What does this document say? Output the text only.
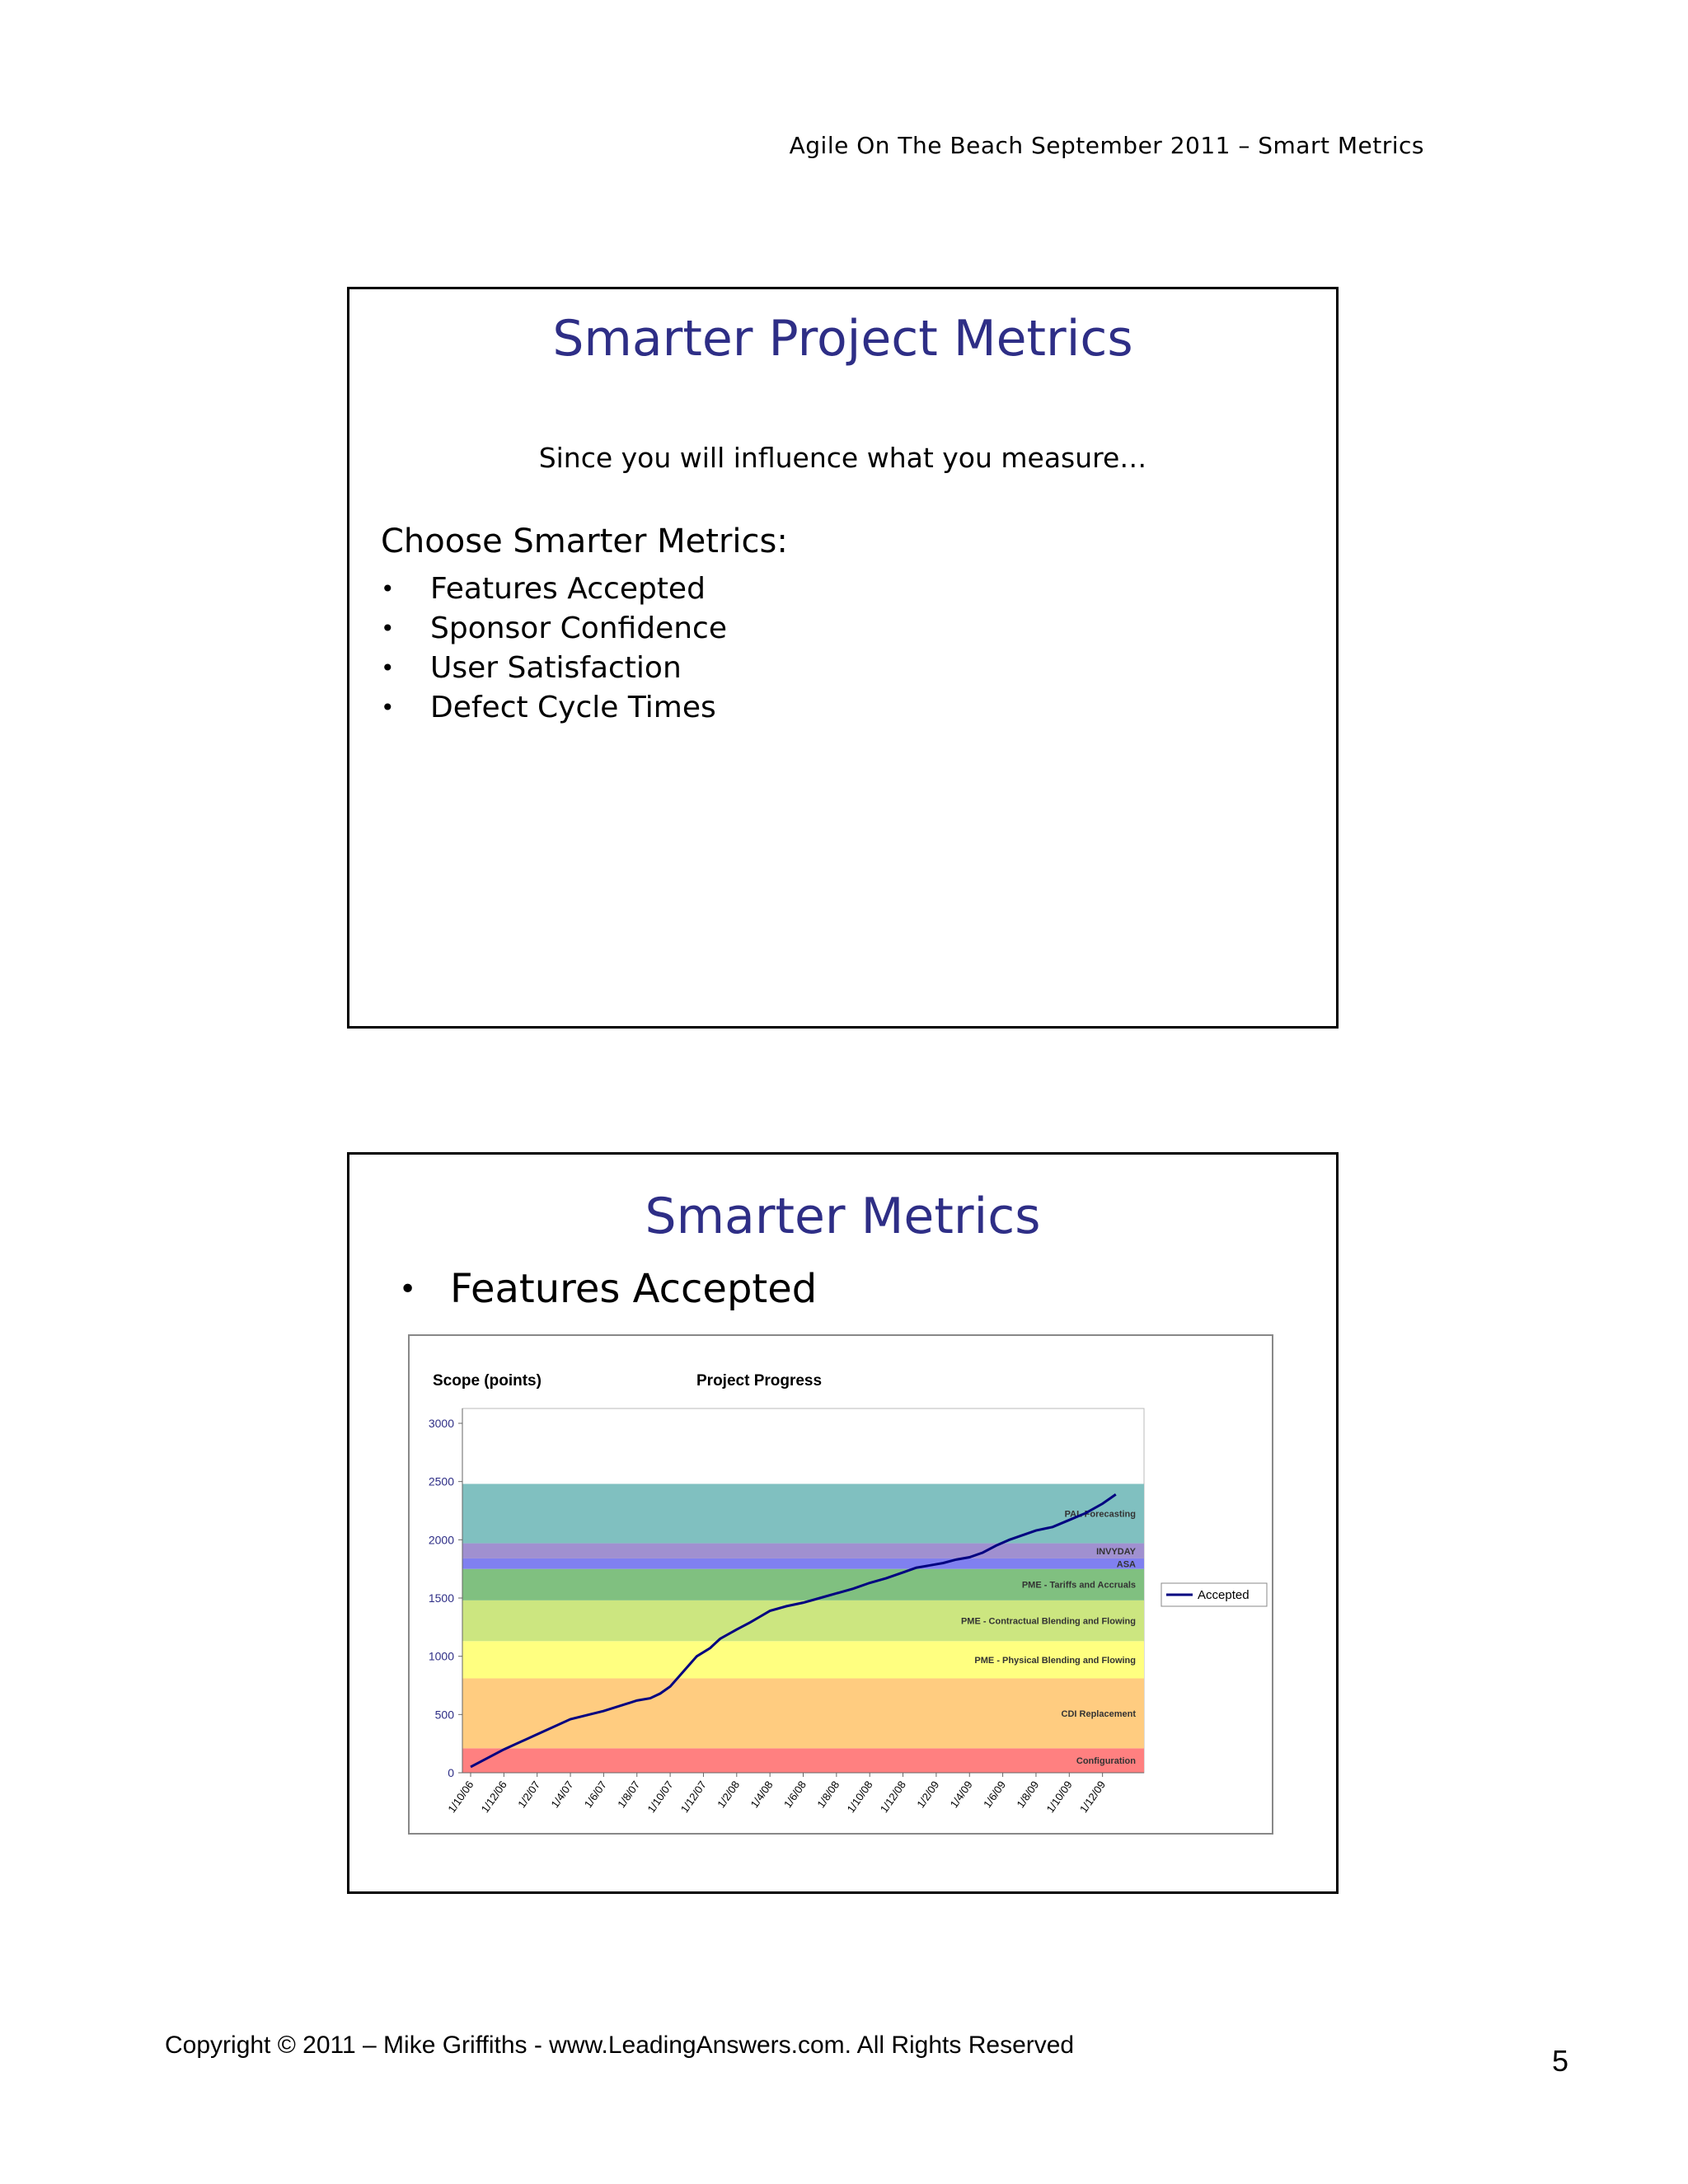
Agile On The Beach September 2011 – Smart Metrics
Smarter Project Metrics
Since you will influence what you measure…
Choose Smarter Metrics:
•	Features Accepted
•	Sponsor Confidence
•	User Satisfaction
•	Defect Cycle Times
Smarter Metrics
• Features Accepted
Configuration
CDI Replacement
PME - Physical Blending and Flowing
PME - Contractual Blending and Flowing
PME - Tariffs and Accruals
ASA
INVYDAY
PAL Forecasting
0
500
1000
1500
2000
2500
3000
1/10/06 1/12/06 1/2/07 1/4/07 1/6/07 1/8/07 1/10/07 1/12/07 1/2/08 1/4/08 1/6/08 1/8/08 1/10/08 1/12/08 1/2/09 1/4/09 1/6/09 1/8/09 1/10/09 1/12/09
Scope (points)	Project Progress
Accepted
Copyright © 2011 – Mike Griffiths - www.LeadingAnswers.com. All Rights Reserved	5
